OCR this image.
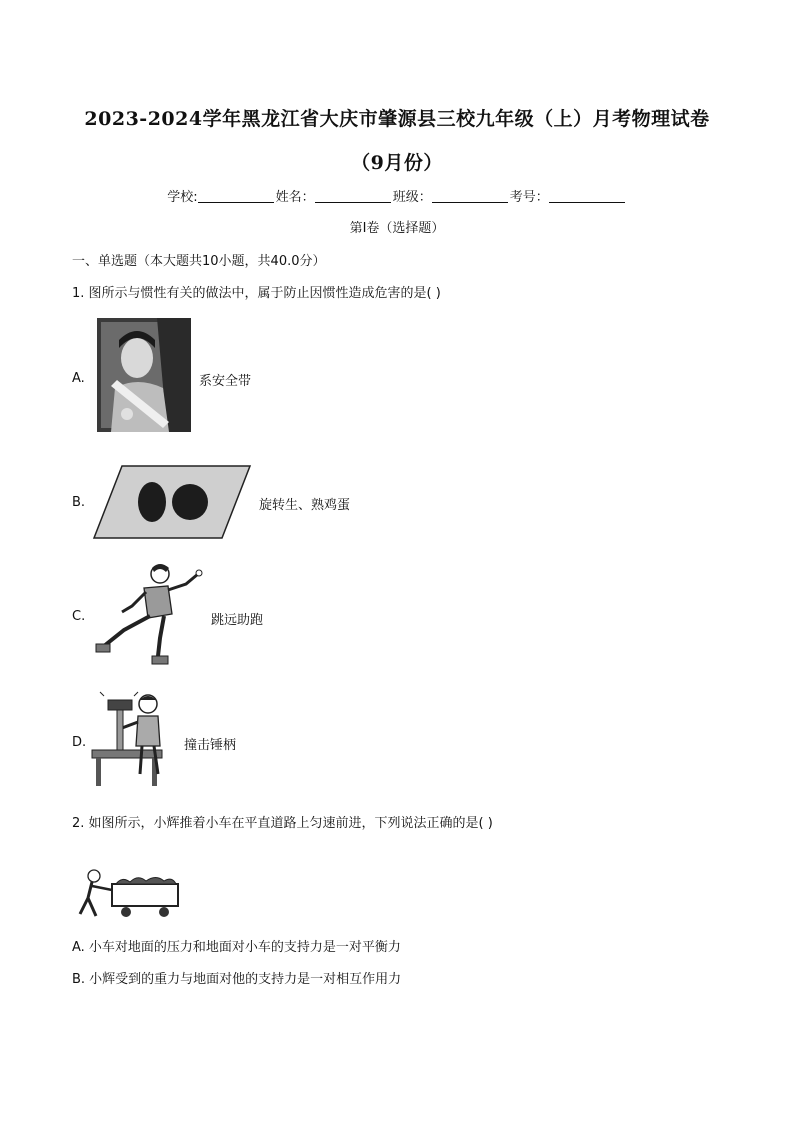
2023-2024学年黑龙江省大庆市肇源县三校九年级（上）月考物理试卷
（9月份）
学校:	姓名：	班级：	考号：
第I卷（选择题）
一、单选题（本大题共10小题，共40.0分）
1. 图所示与惯性有关的做法中，属于防止因惯性造成危害的是( )
A.	系安全带
B.	旋转生、熟鸡蛋
C.	跳远助跑
D.	撞击锤柄
2. 如图所示，小辉推着小车在平直道路上匀速前进，下列说法正确的是( )
A. 小车对地面的压力和地面对小车的支持力是一对平衡力
B. 小辉受到的重力与地面对他的支持力是一对相互作用力
